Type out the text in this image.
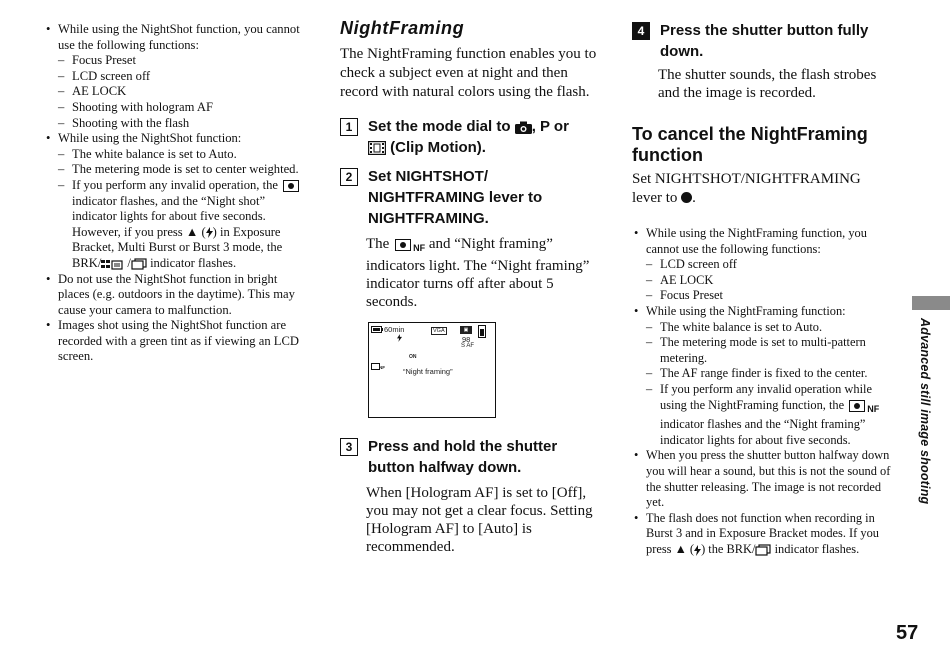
• While using the NightShot function, you cannot use the following functions:
– Focus Preset
– LCD screen off
– AE LOCK
– Shooting with hologram AF
– Shooting with the flash
• While using the NightShot function:
– The white balance is set to Auto.
– The metering mode is set to center weighted.
– If you perform any invalid operation, the  indicator flashes, and the “Night shot” indicator lights for about five seconds. However, if you press ▲ ( ) in Exposure Bracket, Multi Burst or Burst 3 mode, the BRK/ / indicator flashes.
• Do not use the NightShot function in bright places (e.g. outdoors in the daytime). This may cause your camera to malfunction.
• Images shot using the NightShot function are recorded with a green tint as if viewing an LCD screen.
NightFraming

The NightFraming function enables you to check a subject even at night and then record with natural colors using the flash.

1	Set the mode dial to , P or
(Clip Motion).
2	Set NIGHTSHOT/ NIGHTFRAMING lever to NIGHTFRAMING.

The	$_{NF}$ and “Night framing” indicators light. The “Night framing” indicator turns off after about 5 seconds.

60min	VGA	▣
98
S AF
ON
NF “Night framing”
3	Press and hold the shutter button halfway down.

When [Hologram AF] is set to [Off], you may not get a clear focus. Setting [Hologram AF] to [Auto] is recommended.

4	Press the shutter button fully down.

The shutter sounds, the flash strobes and the image is recorded.

To cancel the NightFraming function

Set NIGHTSHOT/NIGHTFRAMING lever to .

• While using the NightFraming function, you cannot use the following functions:
– LCD screen off
– AE LOCK
– Focus Preset
• While using the NightFraming function:
– The white balance is set to Auto.
– The metering mode is set to multi-pattern metering.
– The AF range finder is fixed to the center.
– If you perform any invalid operation while using the NightFraming function, the	$_{NF}$ indicator flashes and the “Night framing” indicator lights for about five seconds.
• When you press the shutter button halfway down you will hear a sound, but this is not the sound of the shutter releasing. The image is not recorded yet.
• The flash does not function when recording in Burst 3 and in Exposure Bracket modes. If you press ▲ ( ) the BRK/ indicator flashes.
Advanced still image shooting
57
